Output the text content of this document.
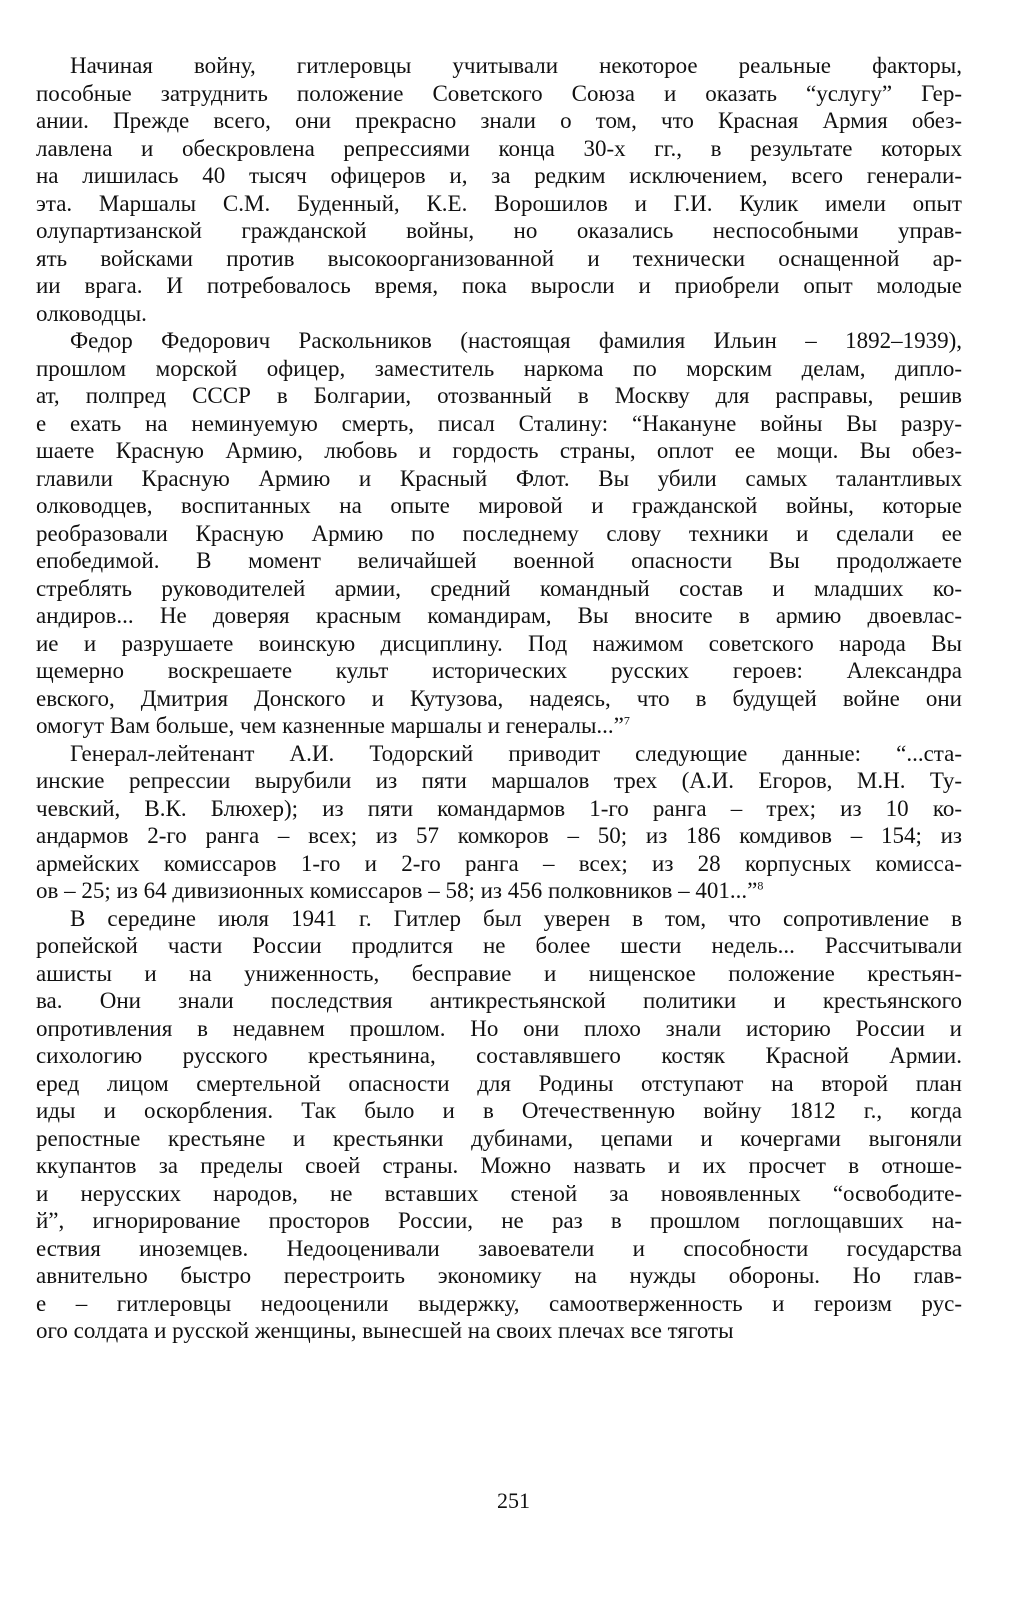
Начиная войну, гитлеровцы учитывали некоторое реальные факторы,
пособные затруднить положение Советского Союза и оказать “услугу” Гер-
ании. Прежде всего, они прекрасно знали о том, что Красная Армия обез-
лавлена и обескровлена репрессиями конца 30-х гг., в результате которых
на лишилась 40 тысяч офицеров и, за редким исключением, всего генерали-
эта. Маршалы С.М. Буденный, К.Е. Ворошилов и Г.И. Кулик имели опыт
олупартизанской гражданской войны, но оказались неспособными управ-
ять войсками против высокоорганизованной и технически оснащенной ар-
ии врага. И потребовалось время, пока выросли и приобрели опыт молодые
олководцы.
Федор Федорович Раскольников (настоящая фамилия Ильин – 1892–1939),
прошлом морской офицер, заместитель наркома по морским делам, дипло-
ат, полпред СССР в Болгарии, отозванный в Москву для расправы, решив
е ехать на неминуемую смерть, писал Сталину: “Накануне войны Вы разру-
шаете Красную Армию, любовь и гордость страны, оплот ее мощи. Вы обез-
главили Красную Армию и Красный Флот. Вы убили самых талантливых
олководцев, воспитанных на опыте мировой и гражданской войны, которые
реобразовали Красную Армию по последнему слову техники и сделали ее
епобедимой. В момент величайшей военной опасности Вы продолжаете
стреблять руководителей армии, средний командный состав и младших ко-
андиров... Не доверяя красным командирам, Вы вносите в армию двоевлас-
ие и разрушаете воинскую дисциплину. Под нажимом советского народа Вы
щемерно воскрешаете культ исторических русских героев: Александра
евского, Дмитрия Донского и Кутузова, надеясь, что в будущей войне они
омогут Вам больше, чем казненные маршалы и генералы...”$^7$
Генерал-лейтенант А.И. Тодорский приводит следующие данные: “...ста-
инские репрессии вырубили из пяти маршалов трех (А.И. Егоров, М.Н. Ту-
чевский, В.К. Блюхер); из пяти командармов 1-го ранга – трех; из 10 ко-
андармов 2-го ранга – всех; из 57 комкоров – 50; из 186 комдивов – 154; из
армейских комиссаров 1-го и 2-го ранга – всех; из 28 корпусных комисса-
ов – 25; из 64 дивизионных комиссаров – 58; из 456 полковников – 401...”$^8$
В середине июля 1941 г. Гитлер был уверен в том, что сопротивление в
ропейской части России продлится не более шести недель... Рассчитывали
ашисты и на униженность, бесправие и нищенское положение крестьян-
ва. Они знали последствия антикрестьянской политики и крестьянского
опротивления в недавнем прошлом. Но они плохо знали историю России и
сихологию русского крестьянина, составлявшего костяк Красной Армии.
еред лицом смертельной опасности для Родины отступают на второй план
иды и оскорбления. Так было и в Отечественную войну 1812 г., когда
репостные крестьяне и крестьянки дубинами, цепами и кочергами выгоняли
ккупантов за пределы своей страны. Можно назвать и их просчет в отноше-
и нерусских народов, не вставших стеной за новоявленных “освободите-
й”, игнорирование просторов России, не раз в прошлом поглощавших на-
ествия иноземцев. Недооценивали завоеватели и способности государства
авнительно быстро перестроить экономику на нужды обороны. Но глав-
е – гитлеровцы недооценили выдержку, самоотверженность и героизм рус-
ого солдата и русской женщины, вынесшей на своих плечах все тяготы
251
